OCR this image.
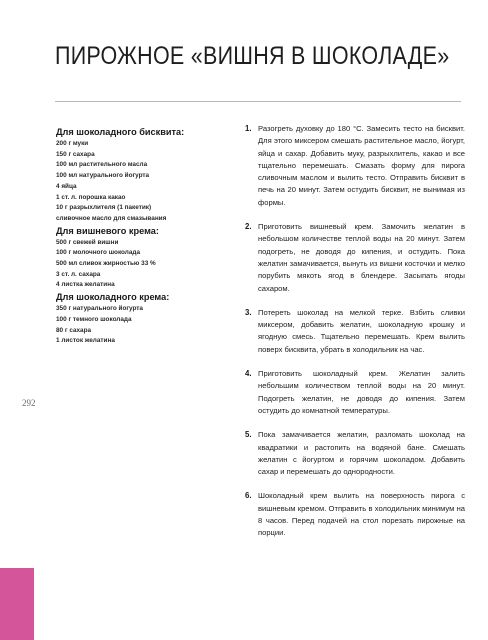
ПИРОЖНОЕ «ВИШНЯ В ШОКОЛАДЕ»

Для шоколадного бисквита:

200 г муки

150 г сахара

100 мл растительного масла

100 мл натурального йогурта

4 яйца

1 ст. л. порошка какао

10 г разрыхлителя (1 пакетик)

сливочное масло для смазывания

Для вишневого крема:

500 г свежей вишни

100 г молочного шоколада

500 мл сливок жирностью 33 %

3 ст. л. сахара

4 листка желатина

Для шоколадного крема:

350 г натурального йогурта

100 г темного шоколада

80 г сахара

1 листок желатина

292
1. Разогреть духовку до 180 °С. Замесить тесто на бисквит. Для этого миксером смешать растительное масло, йогурт, яйца и сахар. Добавить муку, разрыхлитель, какао и все тщательно перемешать. Смазать форму для пирога сливочным маслом и вылить тесто. Отправить бисквит в печь на 20 минут. Затем остудить бисквит, не вынимая из формы.
2. Приготовить вишневый крем. Замочить желатин в небольшом количестве теплой воды на 20 минут. Затем подогреть, не доводя до кипения, и остудить. Пока желатин замачивается, вынуть из вишни косточки и мелко порубить мякоть ягод в блендере. Засыпать ягоды сахаром.
3. Потереть шоколад на мелкой терке. Взбить сливки миксером, добавить желатин, шоколадную крошку и ягодную смесь. Тщательно перемешать. Крем вылить поверх бисквита, убрать в холодильник на час.
4. Приготовить шоколадный крем. Желатин залить небольшим количеством теплой воды на 20 минут. Подогреть желатин, не доводя до кипения. Затем остудить до комнатной температуры.
5. Пока замачивается желатин, разломать шоколад на квадратики и растопить на водяной бане. Смешать желатин с йогуртом и горячим шоколадом. Добавить сахар и перемешать до однородности.
6. Шоколадный крем вылить на поверхность пирога с вишневым кремом. Отправить в холодильник минимум на 8 часов. Перед подачей на стол порезать пирожные на порции.
